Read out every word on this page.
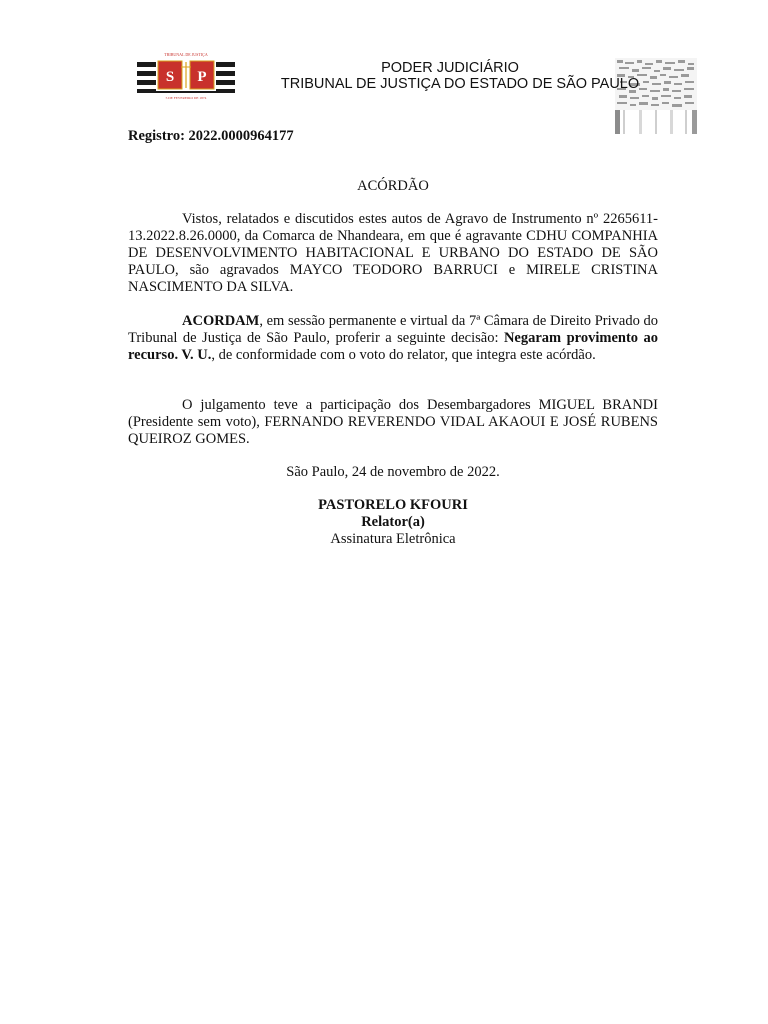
S P
TRIBUNAL DE JUSTIÇA
5 DE FEVEREIRO DE 1874
PODER JUDICIÁRIO
TRIBUNAL DE JUSTIÇA DO ESTADO DE SÃO PAULO
Registro: 2022.0000964177
ACÓRDÃO

Vistos, relatados e discutidos estes autos de Agravo de Instrumento nº 2265611-13.2022.8.26.0000, da Comarca de Nhandeara, em que é agravante CDHU COMPANHIA DE DESENVOLVIMENTO HABITACIONAL E URBANO DO ESTADO DE SÃO PAULO, são agravados MAYCO TEODORO BARRUCI e MIRELE CRISTINA NASCIMENTO DA SILVA.

ACORDAM, em sessão permanente e virtual da 7ª Câmara de Direito Privado do Tribunal de Justiça de São Paulo, proferir a seguinte decisão: Negaram provimento ao recurso. V. U., de conformidade com o voto do relator, que integra este acórdão.

O julgamento teve a participação dos Desembargadores MIGUEL BRANDI (Presidente sem voto), FERNANDO REVERENDO VIDAL AKAOUI E JOSÉ RUBENS QUEIROZ GOMES.

São Paulo, 24 de novembro de 2022.
PASTORELO KFOURI
Relator(a)
Assinatura Eletrônica
